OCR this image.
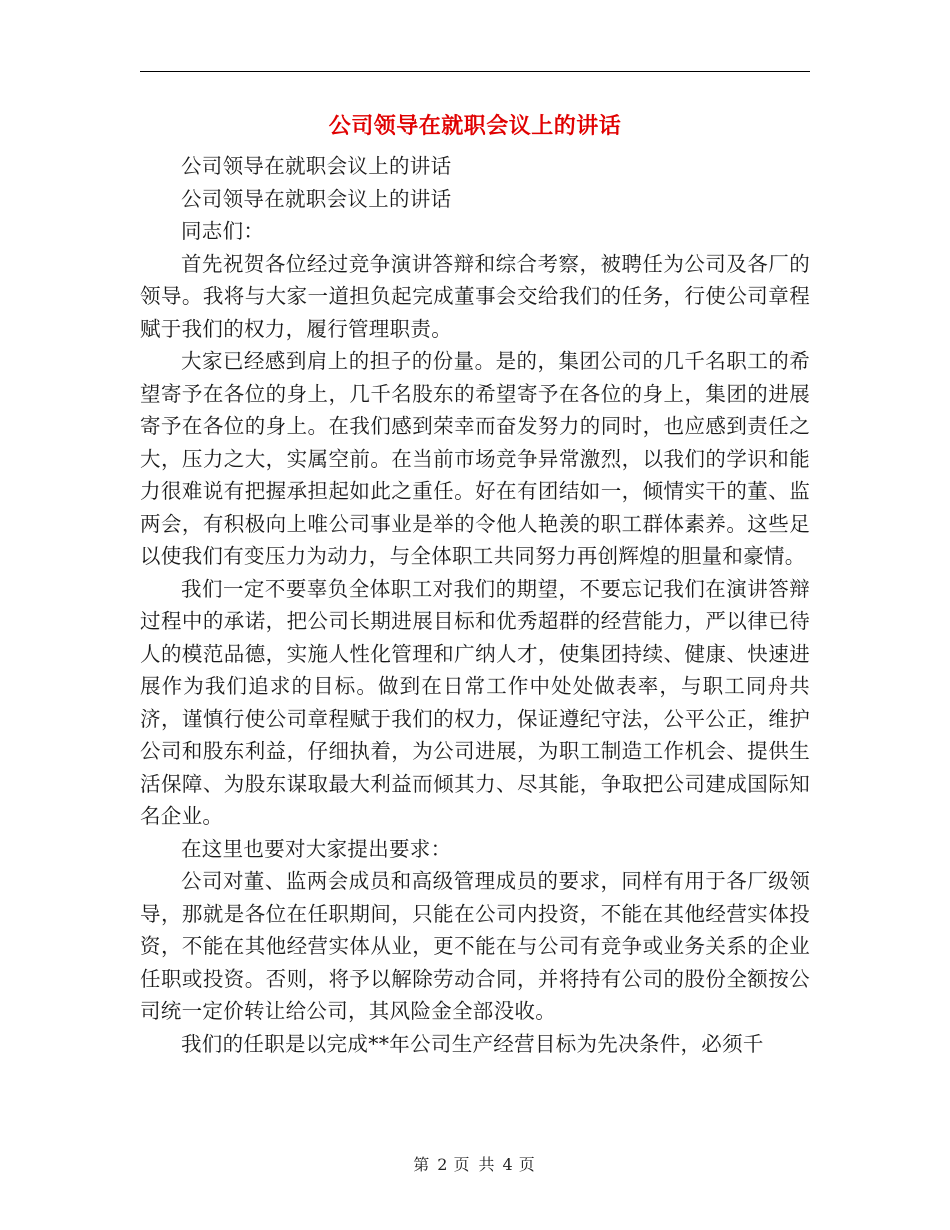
公司领导在就职会议上的讲话

公司领导在就职会议上的讲话

公司领导在就职会议上的讲话

同志们：

首先祝贺各位经过竞争演讲答辩和综合考察，被聘任为公司及各厂的领导。我将与大家一道担负起完成董事会交给我们的任务，行使公司章程赋于我们的权力，履行管理职责。

大家已经感到肩上的担子的份量。是的，集团公司的几千名职工的希望寄予在各位的身上，几千名股东的希望寄予在各位的身上，集团的进展寄予在各位的身上。在我们感到荣幸而奋发努力的同时，也应感到责任之大，压力之大，实属空前。在当前市场竞争异常激烈，以我们的学识和能力很难说有把握承担起如此之重任。好在有团结如一，倾情实干的董、监两会，有积极向上唯公司事业是举的令他人艳羡的职工群体素养。这些足以使我们有变压力为动力，与全体职工共同努力再创辉煌的胆量和豪情。

我们一定不要辜负全体职工对我们的期望，不要忘记我们在演讲答辩过程中的承诺，把公司长期进展目标和优秀超群的经营能力，严以律已待人的模范品德，实施人性化管理和广纳人才，使集团持续、健康、快速进展作为我们追求的目标。做到在日常工作中处处做表率，与职工同舟共济，谨慎行使公司章程赋于我们的权力，保证遵纪守法，公平公正，维护公司和股东利益，仔细执着，为公司进展，为职工制造工作机会、提供生活保障、为股东谋取最大利益而倾其力、尽其能，争取把公司建成国际知名企业。

在这里也要对大家提出要求：

公司对董、监两会成员和高级管理成员的要求，同样有用于各厂级领导，那就是各位在任职期间，只能在公司内投资，不能在其他经营实体投资，不能在其他经营实体从业，更不能在与公司有竞争或业务关系的企业任职或投资。否则，将予以解除劳动合同，并将持有公司的股份全额按公司统一定价转让给公司，其风险金全部没收。

我们的任职是以完成**年公司生产经营目标为先决条件，必须千

第 2 页 共 4 页
